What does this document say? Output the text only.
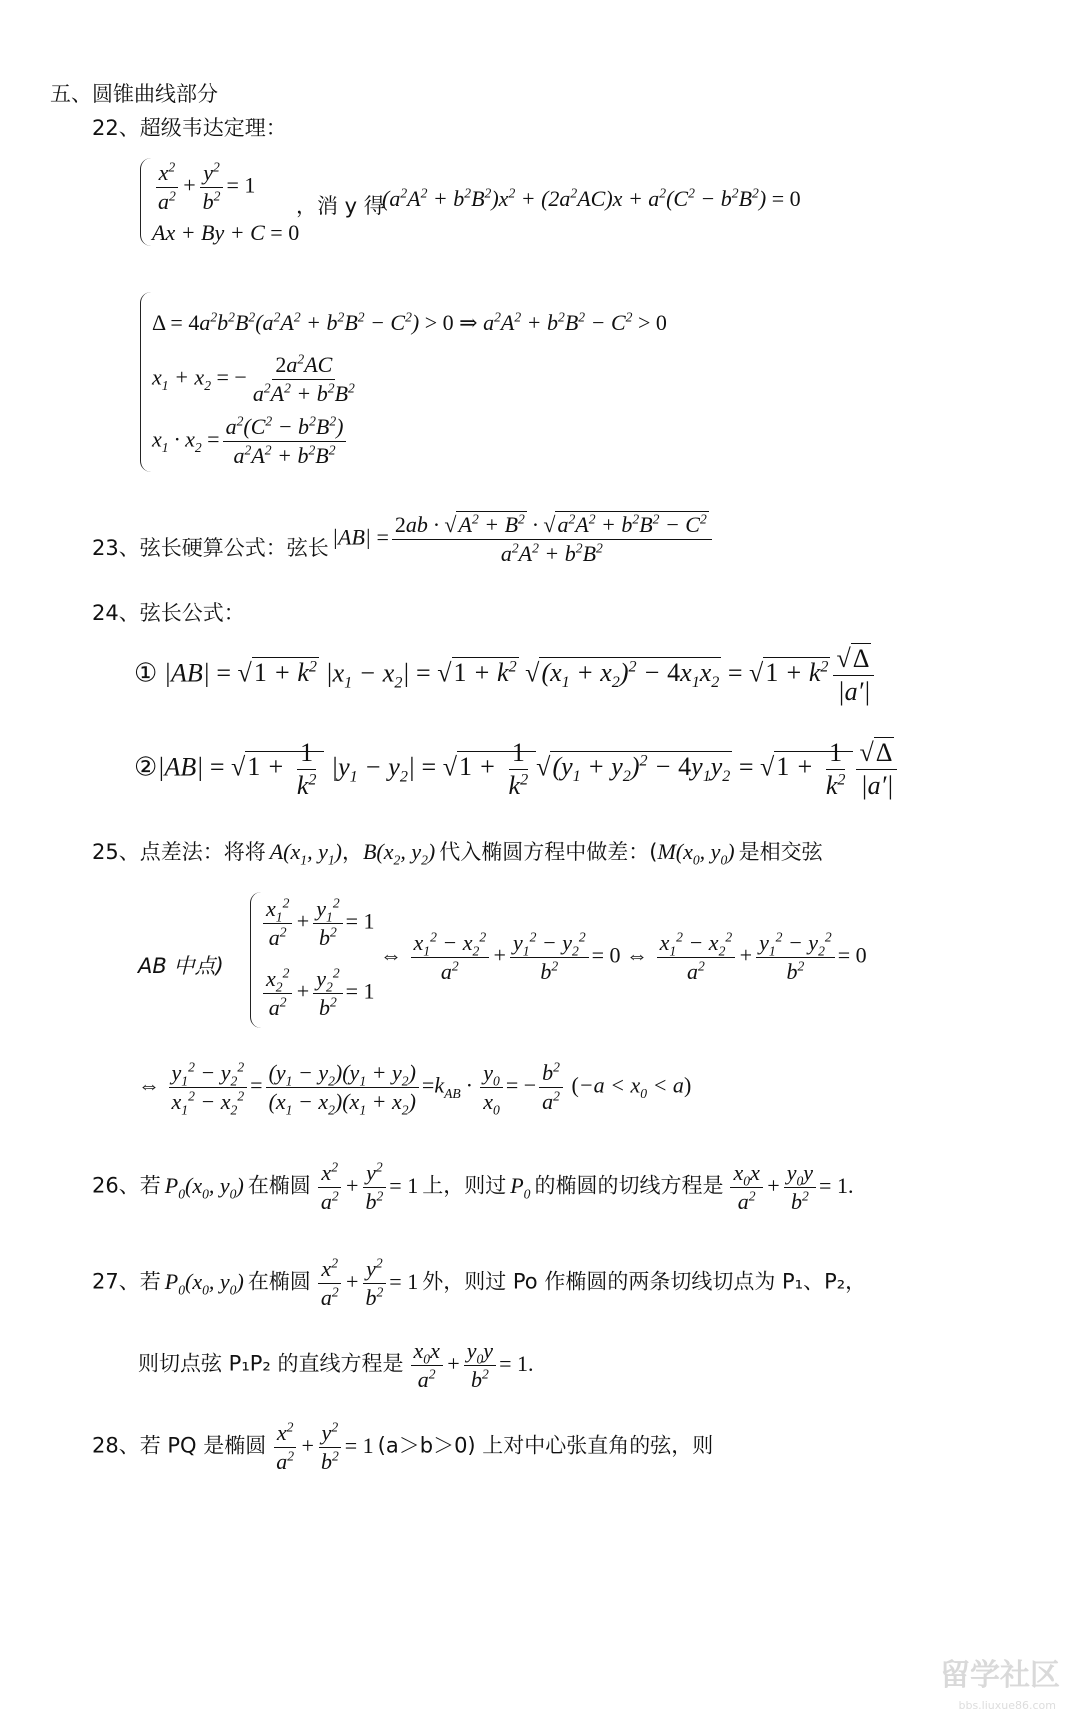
五、圆锥曲线部分
22、超级韦达定理：
$\frac{x^2}{a^2} + \frac{y^2}{b^2} = 1$
Ax + By + C = 0
，消 y 得
$(a^2A^2 + b^2B^2)x^2 + (2a^2AC)x + a^2(C^2 - b^2B^2) = 0$
$\Delta = 4a^2b^2B^2(a^2A^2 + b^2B^2 - C^2) > 0$ ⇒ $a^2A^2 + b^2B^2 - C^2 > 0$
$x_1 + x_2$ = − $\frac{2a^2AC}{a^2A^2 + b^2B^2}$
$x_1 \cdot x_2 = \frac{a^2(C^2 - b^2B^2)}{a^2A^2 + b^2B^2}$
23、弦长硬算公式：弦长 $|AB| = \frac{2ab \cdot √A^2 + B^2 \cdot √a^2A^2 + b^2B^2 - C^2}{a^2A^2 + b^2B^2}$
24、弦长公式：
① $|AB| = √1 + k^2$ $|x_1 - x_2| = √1 + k^2$ $√(x_1 + x_2)^2 - 4x_1x_2 = √1 + k^2 \frac{√\Delta}{|a'|}$
②|AB| = $√1 + \frac{1}{k^2} |y_1 - y_2| = √1 + \frac{1}{k^2} √(y_1 + y_2)^2 - 4y_1y_2 = √1 + \frac{1}{k^2} \frac{√\Delta}{|a'|}$
25、点差法：将将 $A(x_1$, $y_1$)，$B(x_2$, $y_2$) 代入椭圆方程中做差：($M(x_0$, $y_0$) 是相交弦
AB 中点)
$\frac{x_1^2}{a^2} + \frac{y_1^2}{b^2} = 1$
$\frac{x_2^2}{a^2} + \frac{y_2^2}{b^2} = 1$
⇔ $\frac{x_1^2 - x_2^2}{a^2} + \frac{y_1^2 - y_2^2}{b^2} = 0$ ⇔ $\frac{x_1^2 - x_2^2}{a^2} + \frac{y_1^2 - y_2^2}{b^2} = 0$
⇔ $\frac{y_1^2 - y_2^2}{x_1^2 - x_2^2} = \frac{(y_1 - y_2)(y_1 + y_2)}{(x_1 - x_2)(x_1 + x_2)} =k_{AB} \cdot \frac{y_0}{x_0}$ = − $\frac{b^2}{a^2} (-a < x_0 < a)$
26、若 $P_0(x_0$, $y_0$) 在椭圆 $\frac{x^2}{a^2} + \frac{y^2}{b^2} = 1$ 上，则过 $P_0$ 的椭圆的切线方程是 $\frac{x_0x}{a^2} + \frac{y_0y}{b^2} = 1$.
27、若 $P_0(x_0$, $y_0$) 在椭圆 $\frac{x^2}{a^2} + \frac{y^2}{b^2} = 1$ 外，则过 Po 作椭圆的两条切线切点为 P₁、P₂，
则切点弦 P₁P₂ 的直线方程是 $\frac{x_0x}{a^2} + \frac{y_0y}{b^2} = 1$.
28、若 PQ 是椭圆 $\frac{x^2}{a^2} + \frac{y^2}{b^2} = 1$ (a＞b＞0) 上对中心张直角的弦，则
留学社区
bbs.liuxue86.com
